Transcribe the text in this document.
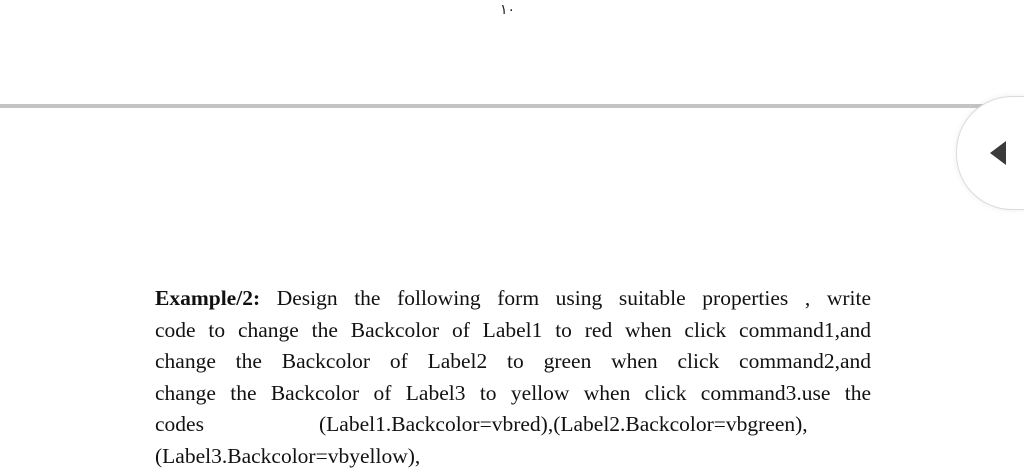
١٠
Example/2: Design the following form using suitable properties , write
code to change the Backcolor of Label1 to red when click command1,and
change the Backcolor of Label2 to green when click command2,and
change the Backcolor of Label3 to yellow when click command3.use the
codes	(Label1.Backcolor=vbred),(Label2.Backcolor=vbgreen),
(Label3.Backcolor=vbyellow),
